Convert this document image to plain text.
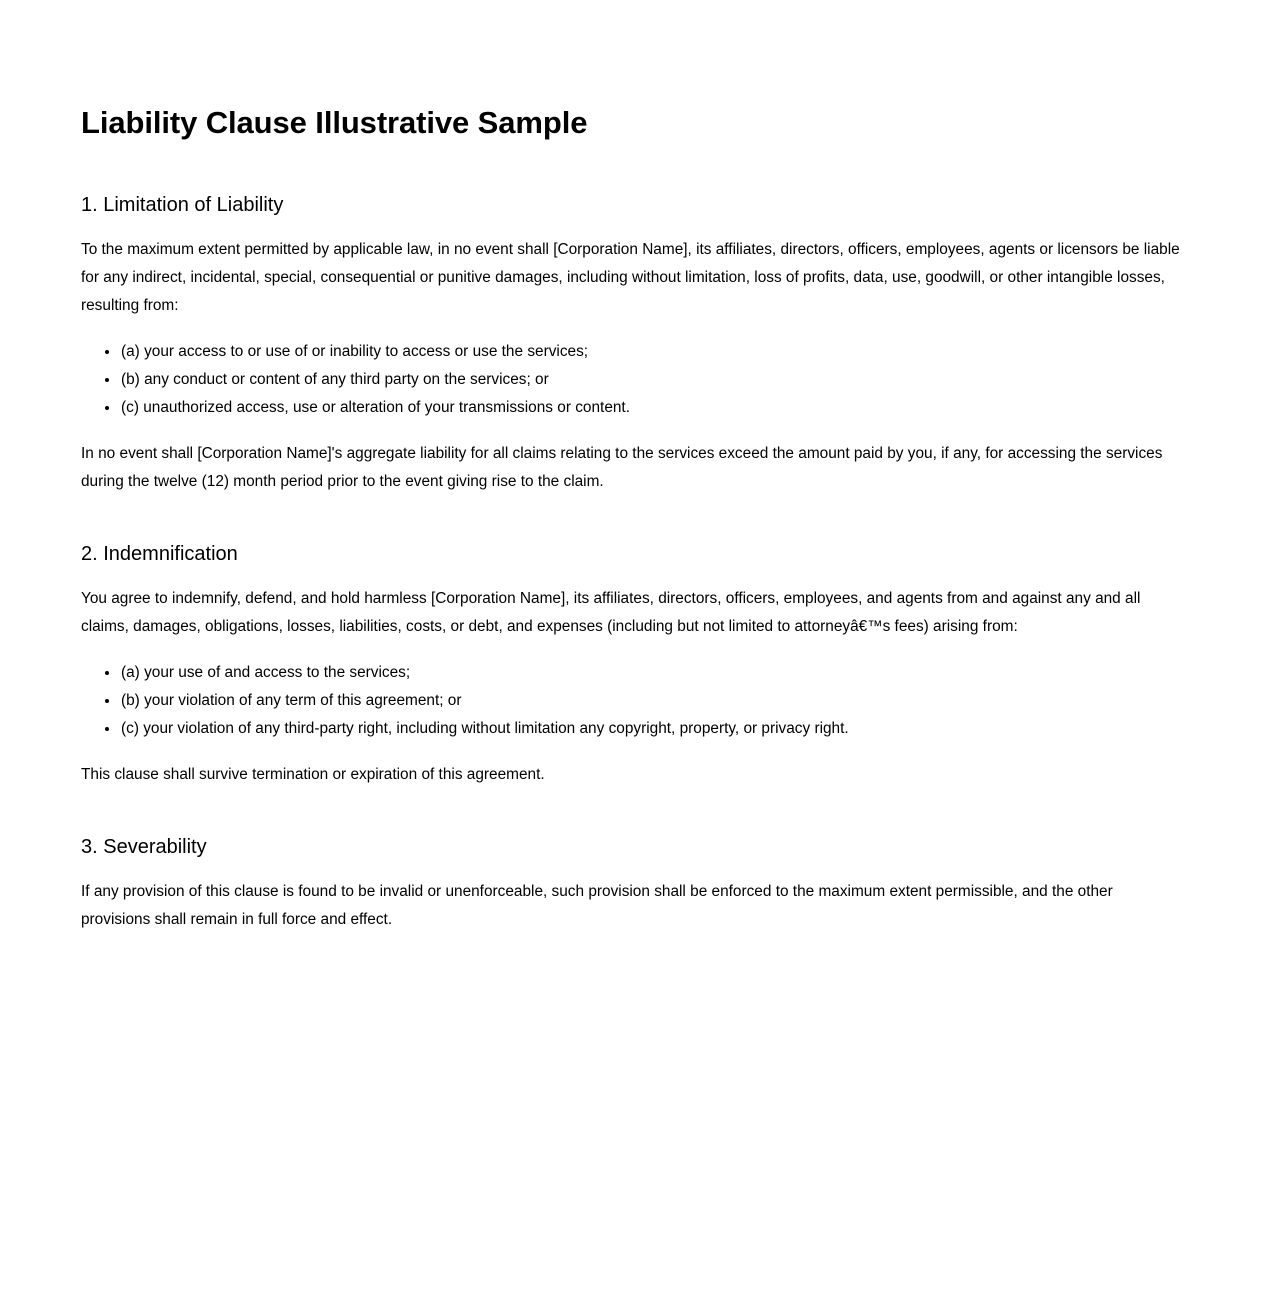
Liability Clause Illustrative Sample
1. Limitation of Liability

To the maximum extent permitted by applicable law, in no event shall [Corporation Name], its affiliates, directors, officers, employees, agents or licensors be liable for any indirect, incidental, special, consequential or punitive damages, including without limitation, loss of profits, data, use, goodwill, or other intangible losses, resulting from:

(a) your access to or use of or inability to access or use the services;
(b) any conduct or content of any third party on the services; or
(c) unauthorized access, use or alteration of your transmissions or content.

In no event shall [Corporation Name]'s aggregate liability for all claims relating to the services exceed the amount paid by you, if any, for accessing the services during the twelve (12) month period prior to the event giving rise to the claim.

2. Indemnification

You agree to indemnify, defend, and hold harmless [Corporation Name], its affiliates, directors, officers, employees, and agents from and against any and all claims, damages, obligations, losses, liabilities, costs, or debt, and expenses (including but not limited to attorneyâ€™s fees) arising from:

(a) your use of and access to the services;
(b) your violation of any term of this agreement; or
(c) your violation of any third-party right, including without limitation any copyright, property, or privacy right.

This clause shall survive termination or expiration of this agreement.

3. Severability

If any provision of this clause is found to be invalid or unenforceable, such provision shall be enforced to the maximum extent permissible, and the other provisions shall remain in full force and effect.
